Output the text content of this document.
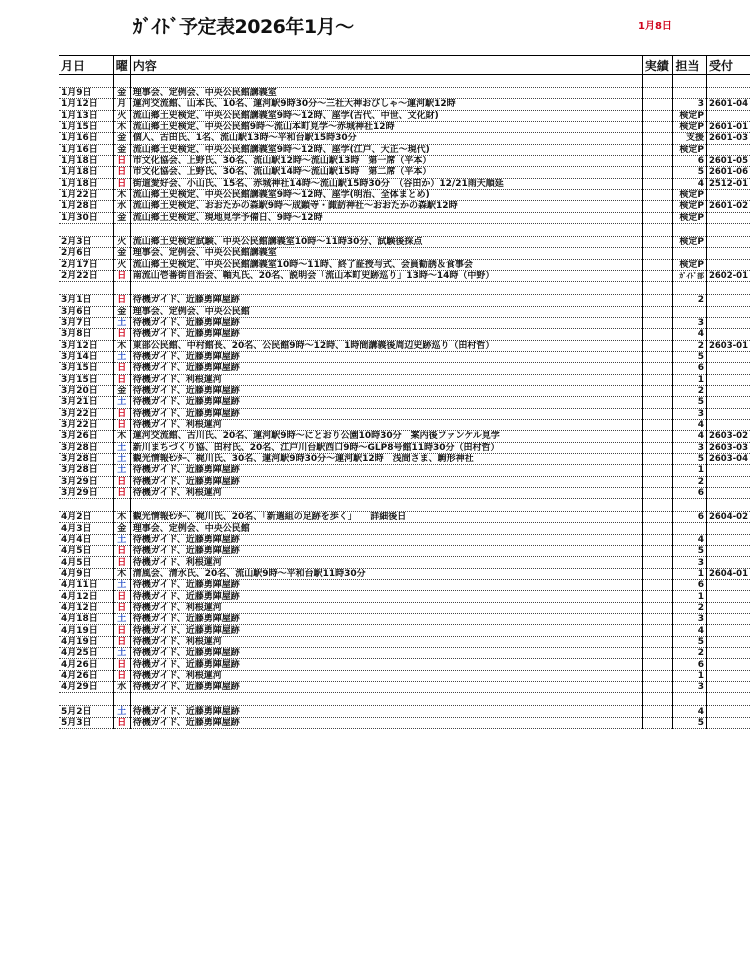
ｶﾞｲﾄﾞ予定表2026年1月～	1月8日
月日	曜	内容	実績	担当	受付

1月9日	金	理事会、定例会、中央公民館講義室			
1月12日	月	運河交流館、山本氏、10名、運河駅9時30分～三社大神おびしゃ～運河駅12時		3	2601-04
1月13日	火	流山郷土史検定、中央公民館講義室9時～12時、座学(古代、中世、文化財)		検定P	
1月15日	木	流山郷土史検定、中央公民館9時～流山本町見学～赤城神社12時		検定P	2601-01
1月16日	金	個人、古田氏、1名、流山駅13時～平和台駅15時30分		支援	2601-03
1月16日	金	流山郷土史検定、中央公民館講義室9時～12時、座学(江戸、大正～現代)		検定P	
1月18日	日	市文化協会、上野氏、30名、流山駅12時～流山駅13時　第一席（平本）		6	2601-05
1月18日	日	市文化協会、上野氏、30名、流山駅14時～流山駅15時　第二席（平本）		5	2601-06
1月18日	日	街道愛好会、小山氏、15名、赤城神社14時～流山駅15時30分　（谷田か）12/21雨天順延		4	2512-01
1月22日	木	流山郷土史検定、中央公民館講義室9時～12時、座学(明治、全体まとめ)		検定P	
1月28日	水	流山郷土史検定、おおたかの森駅9時～成顕寺・諏訪神社～おおたかの森駅12時		検定P	2601-02
1月30日	金	流山郷土史検定、現地見学予備日、9時～12時		検定P	

2月3日	火	流山郷土史検定試験、中央公民館講義室10時～11時30分、試験後採点		検定P	
2月6日	金	理事会、定例会、中央公民館講義室			
2月17日	火	流山郷土史検定、中央公民館講義室10時～11時、終了証授与式、会員勧誘＆食事会		検定P	
2月22日	日	南流山壱番街自治会、軸丸氏、20名、説明会「流山本町史跡巡り」13時～14時（中野）		ｶﾞｲﾄﾞ部	2602-01

3月1日	日	待機ガイド、近藤勇陣屋跡		2	
3月6日	金	理事会、定例会、中央公民館			
3月7日	土	待機ガイド、近藤勇陣屋跡		3	
3月8日	日	待機ガイド、近藤勇陣屋跡		4	
3月12日	木	東部公民館、中村館長、20名、公民館9時～12時、1時間講義後周辺史跡巡り（田村哲）		2	2603-01
3月14日	土	待機ガイド、近藤勇陣屋跡		5	
3月15日	日	待機ガイド、近藤勇陣屋跡		6	
3月15日	日	待機ガイド、利根運河		1	
3月20日	金	待機ガイド、近藤勇陣屋跡		2	
3月21日	土	待機ガイド、近藤勇陣屋跡		5	
3月22日	日	待機ガイド、近藤勇陣屋跡		3	
3月22日	日	待機ガイド、利根運河		4	
3月26日	木	運河交流館、古川氏、20名、運河駅9時～にとおり公園10時30分　案内後ファンケル見学		4	2603-02
3月28日	土	新川まちづくり協、田村氏、20名、江戸川台駅西口9時～GLP8号館11時30分（田村哲）		3	2603-03
3月28日	土	観光情報ｾﾝﾀｰ、梶川氏、30名、運河駅9時30分～運河駅12時　浅間さま、駒形神社		5	2603-04
3月28日	土	待機ガイド、近藤勇陣屋跡		1	
3月29日	日	待機ガイド、近藤勇陣屋跡		2	
3月29日	日	待機ガイド、利根運河		6	

4月2日	木	観光情報ｾﾝﾀｰ、梶川氏、20名、「新選組の足跡を歩く」　　詳細後日		6	2604-02
4月3日	金	理事会、定例会、中央公民館			
4月4日	土	待機ガイド、近藤勇陣屋跡		4	
4月5日	日	待機ガイド、近藤勇陣屋跡		5	
4月5日	日	待機ガイド、利根運河		3	
4月9日	木	清風会、清水氏、20名、流山駅9時～平和台駅11時30分		1	2604-01
4月11日	土	待機ガイド、近藤勇陣屋跡		6	
4月12日	日	待機ガイド、近藤勇陣屋跡		1	
4月12日	日	待機ガイド、利根運河		2	
4月18日	土	待機ガイド、近藤勇陣屋跡		3	
4月19日	日	待機ガイド、近藤勇陣屋跡		4	
4月19日	日	待機ガイド、利根運河		5	
4月25日	土	待機ガイド、近藤勇陣屋跡		2	
4月26日	日	待機ガイド、近藤勇陣屋跡		6	
4月26日	日	待機ガイド、利根運河		1	
4月29日	水	待機ガイド、近藤勇陣屋跡		3	

5月2日	土	待機ガイド、近藤勇陣屋跡		4	
5月3日	日	待機ガイド、近藤勇陣屋跡		5	
